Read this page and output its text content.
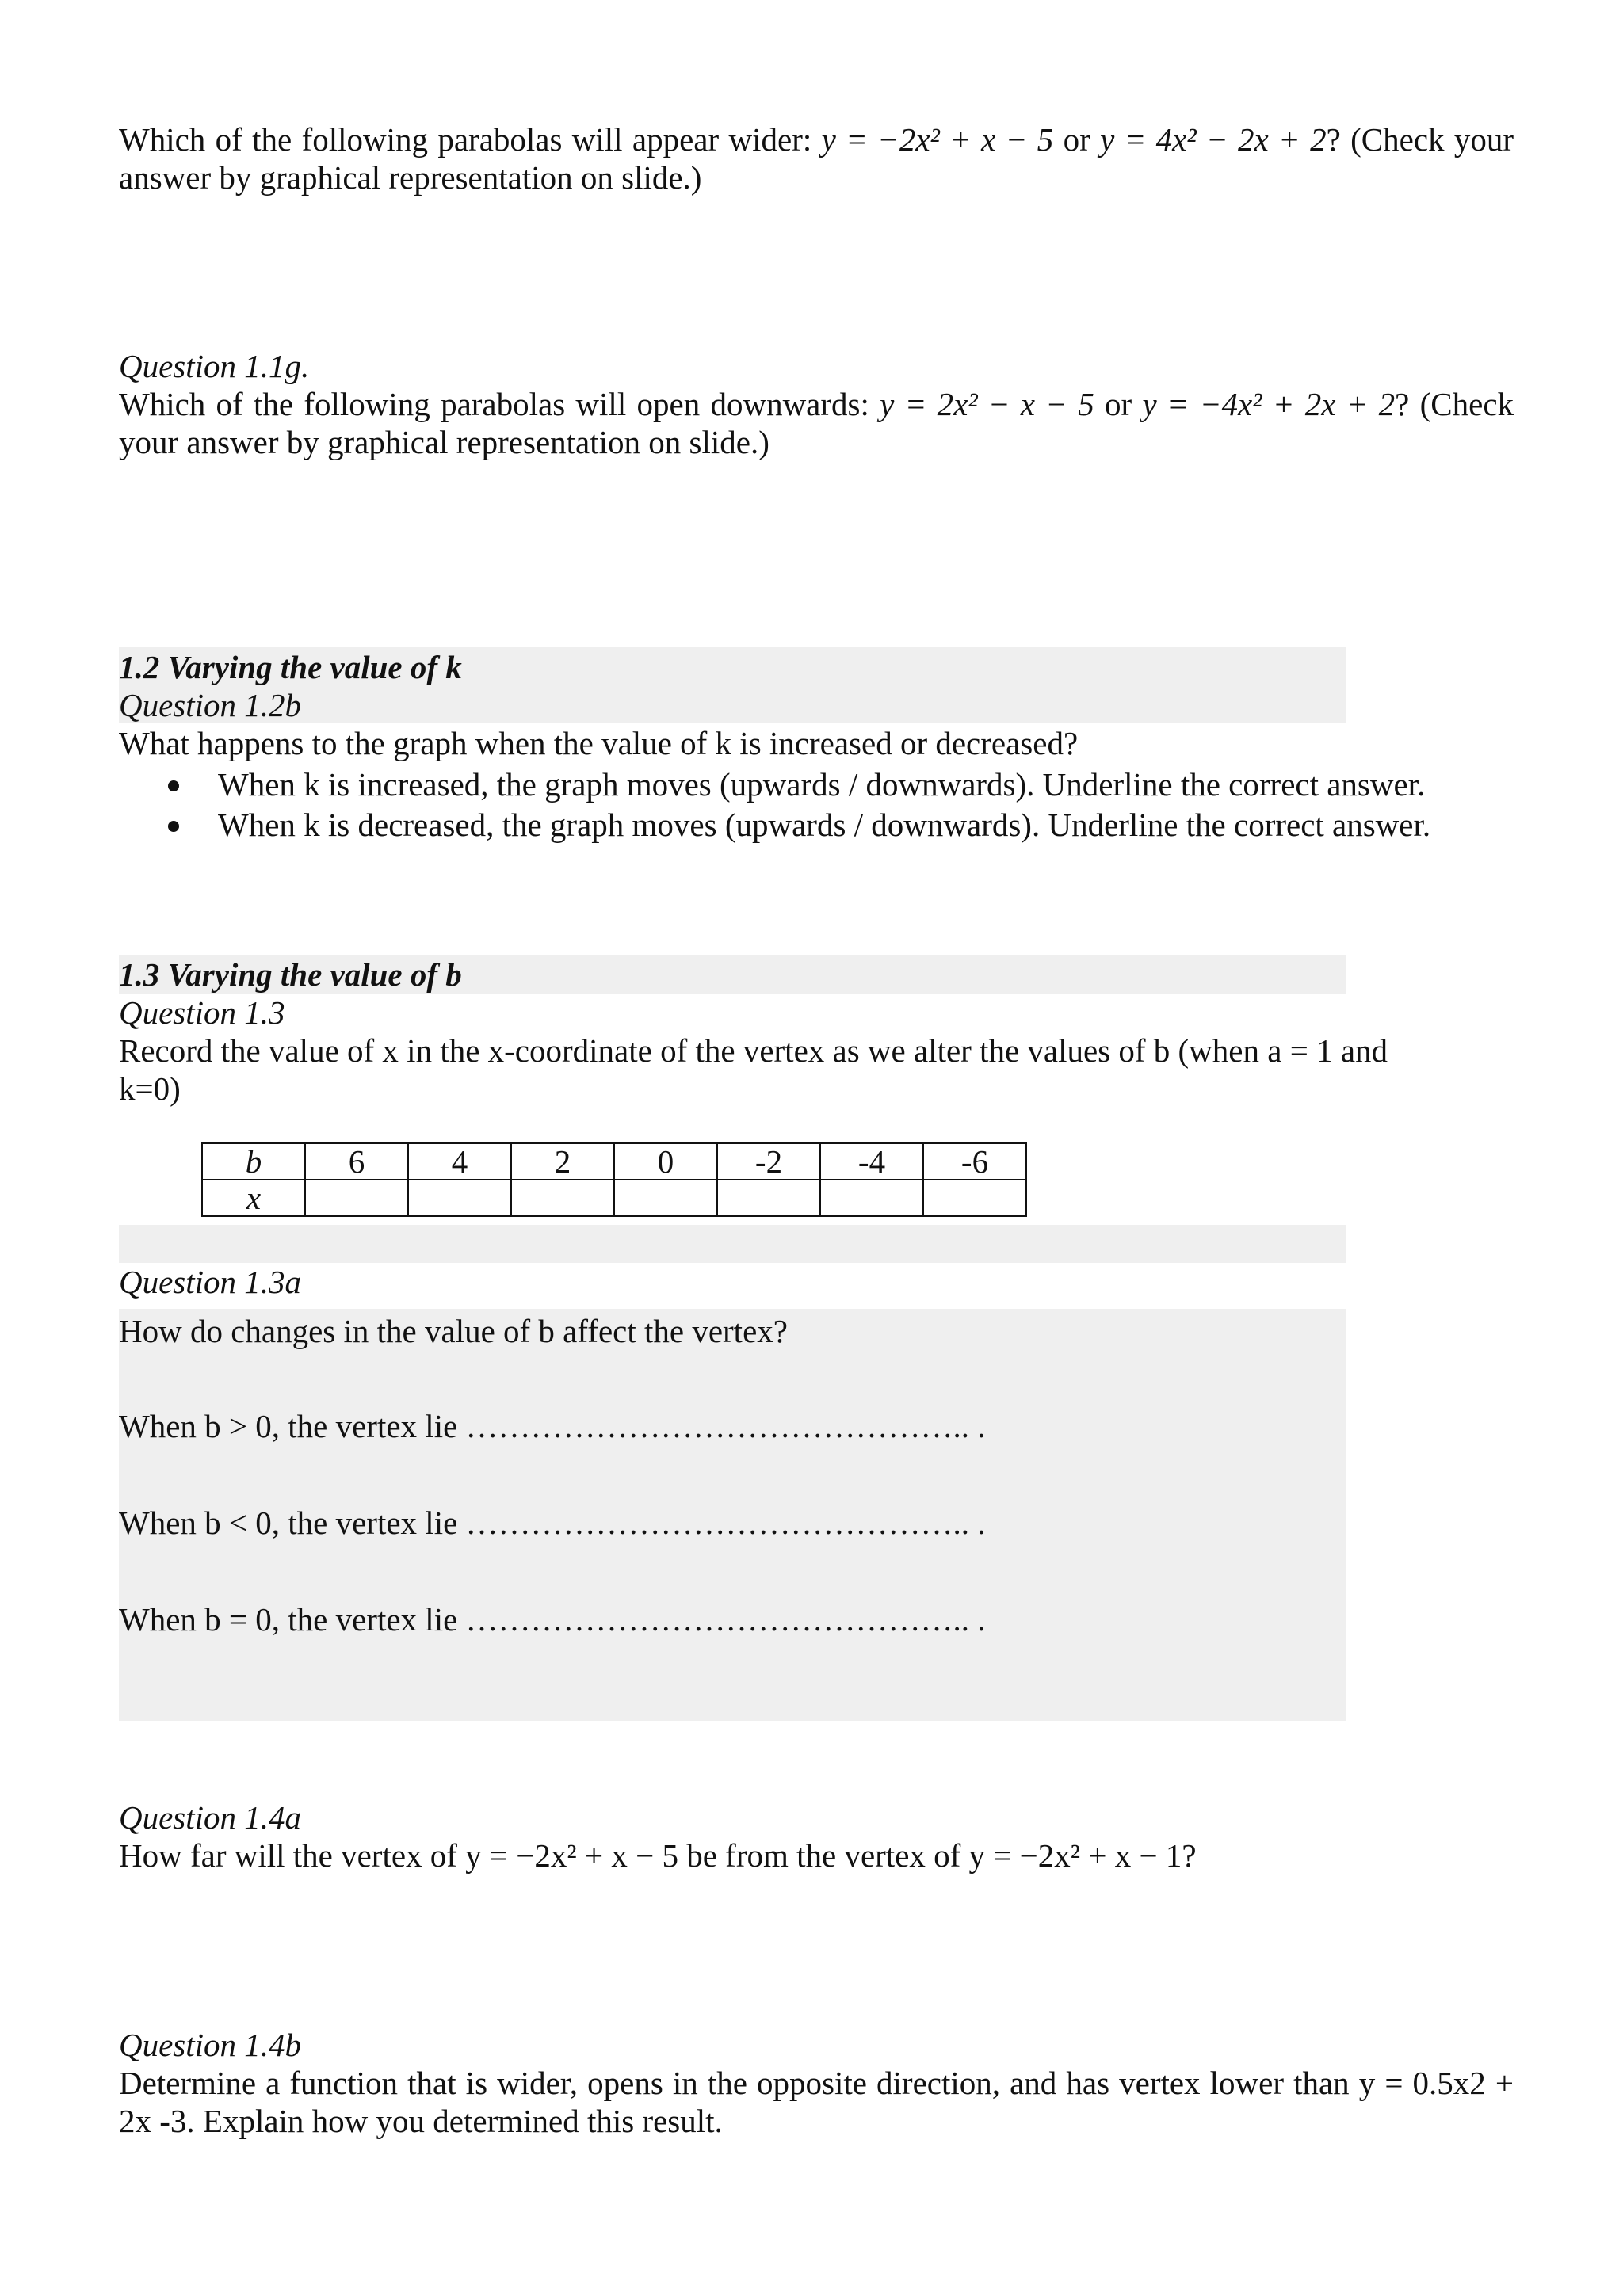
Which of the following parabolas will appear wider: y = −2x² + x − 5 or y = 4x² − 2x + 2? (Check your answer by graphical representation on slide.)
Question 1.1g.
Which of the following parabolas will open downwards: y = 2x² − x − 5 or y = −4x² + 2x + 2? (Check your answer by graphical representation on slide.)
1.2 Varying the value of k
Question 1.2b
What happens to the graph when the value of k is increased or decreased?
When k is increased, the graph moves (upwards / downwards). Underline the correct answer.
When k is decreased, the graph moves (upwards / downwards). Underline the correct answer.
1.3 Varying the value of b
Question 1.3
Record the value of x in the x-coordinate of the vertex as we alter the values of b (when a = 1 and k=0)
b	6	4	2	0	-2	-4	-6
x							
Question 1.3a
How do changes in the value of b affect the vertex?
When b > 0, the vertex lie ……………………………………….. .
When b < 0, the vertex lie ……………………………………….. .
When b = 0, the vertex lie ……………………………………….. .
Question 1.4a
How far will the vertex of y = −2x² + x − 5 be from the vertex of y = −2x² + x − 1?
Question 1.4b
Determine a function that is wider, opens in the opposite direction, and has vertex lower than y = 0.5x2 + 2x -3. Explain how you determined this result.
